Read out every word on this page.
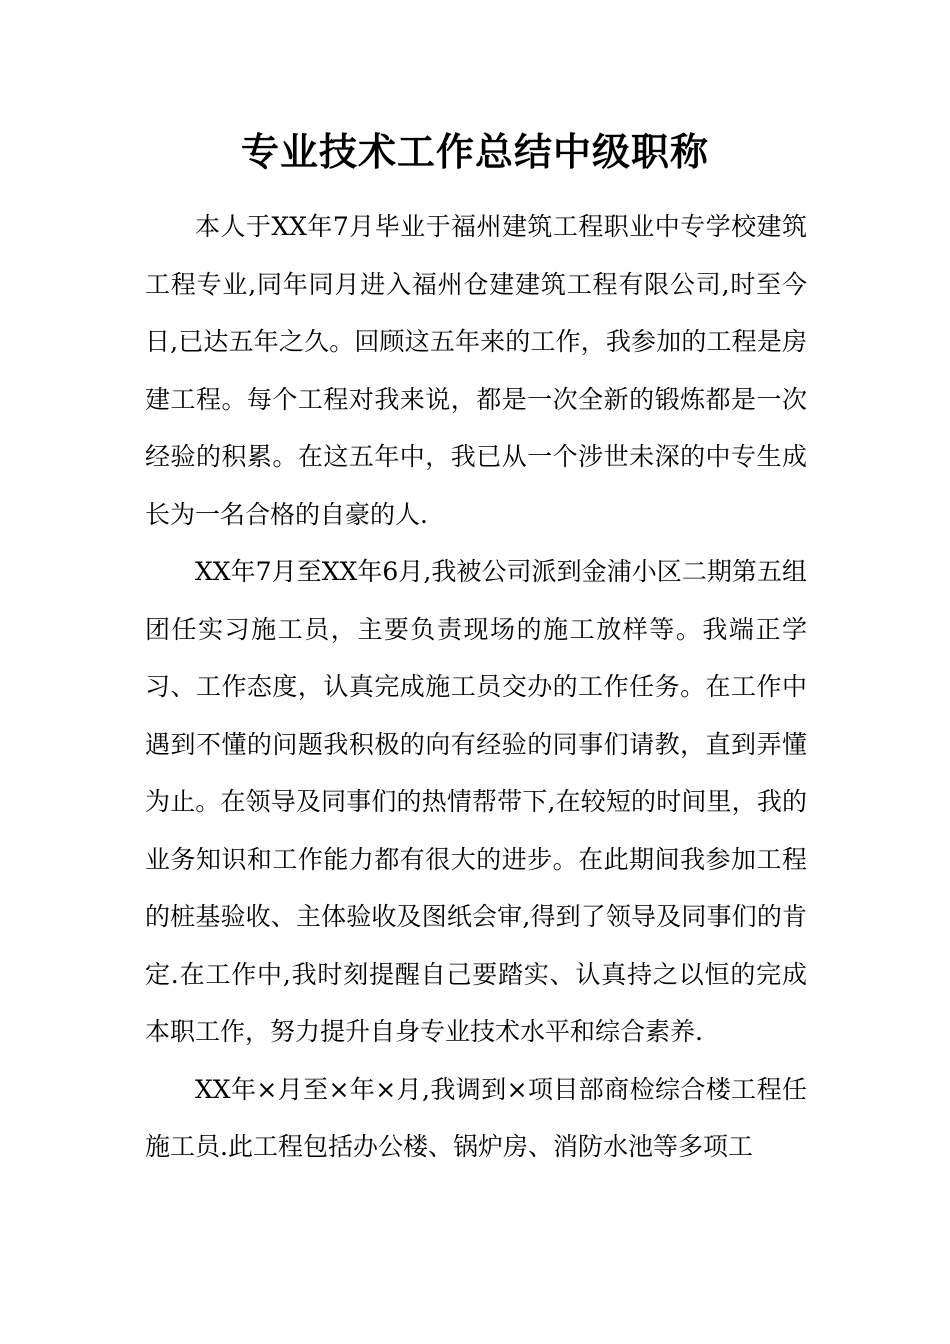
专业技术工作总结中级职称

本人于XX年7月毕业于福州建筑工程职业中专学校建筑工程专业,同年同月进入福州仓建建筑工程有限公司,时至今日,已达五年之久。回顾这五年来的工作，我参加的工程是房建工程。每个工程对我来说，都是一次全新的锻炼都是一次经验的积累。在这五年中，我已从一个涉世未深的中专生成长为一名合格的自豪的人.

XX年7月至XX年6月,我被公司派到金浦小区二期第五组团任实习施工员，主要负责现场的施工放样等。我端正学习、工作态度，认真完成施工员交办的工作任务。在工作中遇到不懂的问题我积极的向有经验的同事们请教，直到弄懂为止。在领导及同事们的热情帮带下,在较短的时间里，我的业务知识和工作能力都有很大的进步。在此期间我参加工程的桩基验收、主体验收及图纸会审,得到了领导及同事们的肯定.在工作中,我时刻提醒自己要踏实、认真持之以恒的完成本职工作，努力提升自身专业技术水平和综合素养.

XX年×月至×年×月,我调到×项目部商检综合楼工程任施工员.此工程包括办公楼、锅炉房、消防水池等多项工
